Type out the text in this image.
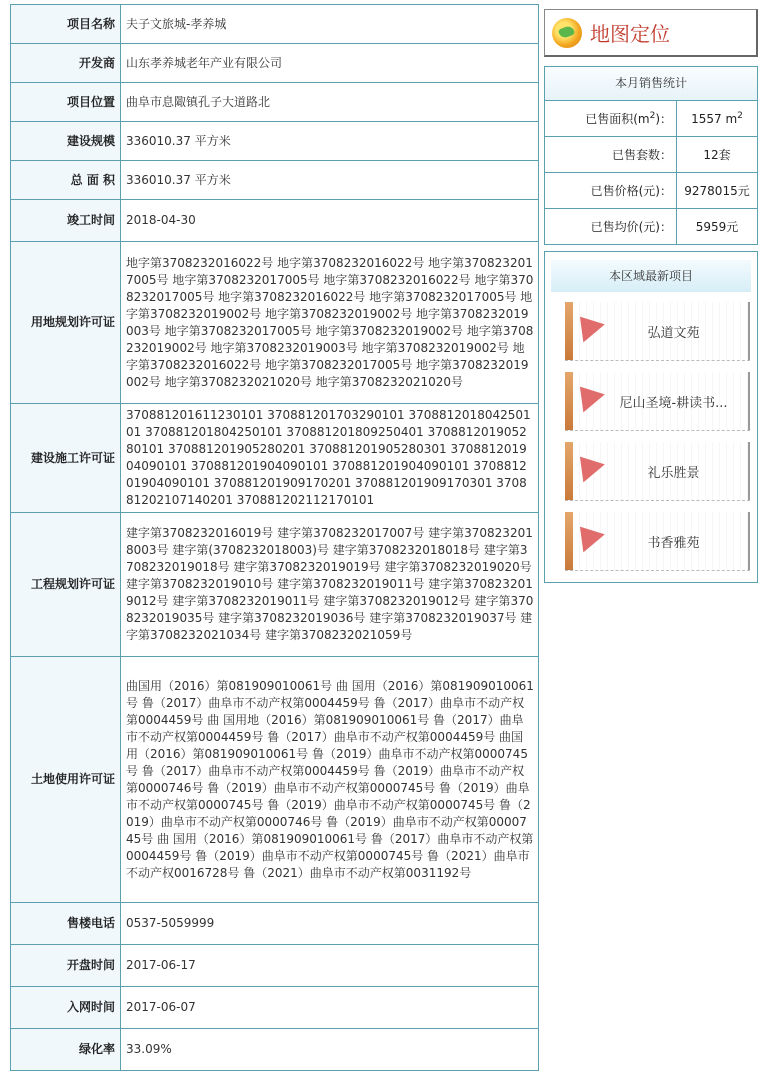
项目名称	夫子文旅城-孝养城
开发商	山东孝养城老年产业有限公司
项目位置	曲阜市息陬镇孔子大道路北
建设规模	336010.37 平方米
总 面 积	336010.37 平方米
竣工时间	2018-04-30
用地规划许可证	地字第3708232016022号 地字第3708232016022号 地字第3708232017005号 地字第3708232017005号 地字第3708232016022号 地字第3708232017005号 地字第3708232016022号 地字第3708232017005号 地字第3708232019002号 地字第3708232019002号 地字第3708232019003号 地字第3708232017005号 地字第3708232019002号 地字第3708232019002号 地字第3708232019003号 地字第3708232019002号 地字第3708232016022号 地字第3708232017005号 地字第3708232019002号 地字第3708232021020号 地字第3708232021020号
建设施工许可证	370881201611230101 370881201703290101 370881201804250101 370881201804250101 370881201809250401 370881201905280101 370881201905280201 370881201905280301 370881201904090101 370881201904090101 370881201904090101 370881201904090101 370881201909170201 370881201909170301 370881202107140201 370881202112170101
工程规划许可证	建字第3708232016019号 建字第3708232017007号 建字第3708232018003号 建字第(3708232018003)号 建字第3708232018018号 建字第3708232019018号 建字第3708232019019号 建字第3708232019020号 建字第3708232019010号 建字第3708232019011号 建字第3708232019012号 建字第3708232019011号 建字第3708232019012号 建字第3708232019035号 建字第3708232019036号 建字第3708232019037号 建字第3708232021034号 建字第3708232021059号
土地使用许可证	曲国用（2016）第081909010061号 曲 国用（2016）第081909010061号 鲁（2017）曲阜市不动产权第0004459号 鲁（2017）曲阜市不动产权第0004459号 曲 国用地（2016）第081909010061号 鲁（2017）曲阜市不动产权第0004459号 鲁（2017）曲阜市不动产权第0004459号 曲国用（2016）第081909010061号 鲁（2019）曲阜市不动产权第0000745号 鲁（2017）曲阜市不动产权第0004459号 鲁（2019）曲阜市不动产权第0000746号 鲁（2019）曲阜市不动产权第0000745号 鲁（2019）曲阜市不动产权第0000745号 鲁（2019）曲阜市不动产权第0000745号 鲁（2019）曲阜市不动产权第0000746号 鲁（2019）曲阜市不动产权第0000745号 曲 国用（2016）第081909010061号 鲁（2017）曲阜市不动产权第0004459号 鲁（2019）曲阜市不动产权第0000745号 鲁（2021）曲阜市不动产权0016728号 鲁（2021）曲阜市不动产权第0031192号
售楼电话	0537-5059999
开盘时间	2017-06-17
入网时间	2017-06-07
绿化率	33.09%
地图定位
本月销售统计
已售面积$(m^2)$：	1557 $m^2$
已售套数：	12套
已售价格(元)：	9278015元
已售均价(元)：	5959元
本区域最新项目
弘道文苑
尼山圣境-耕读书...
礼乐胜景
书香雅苑
